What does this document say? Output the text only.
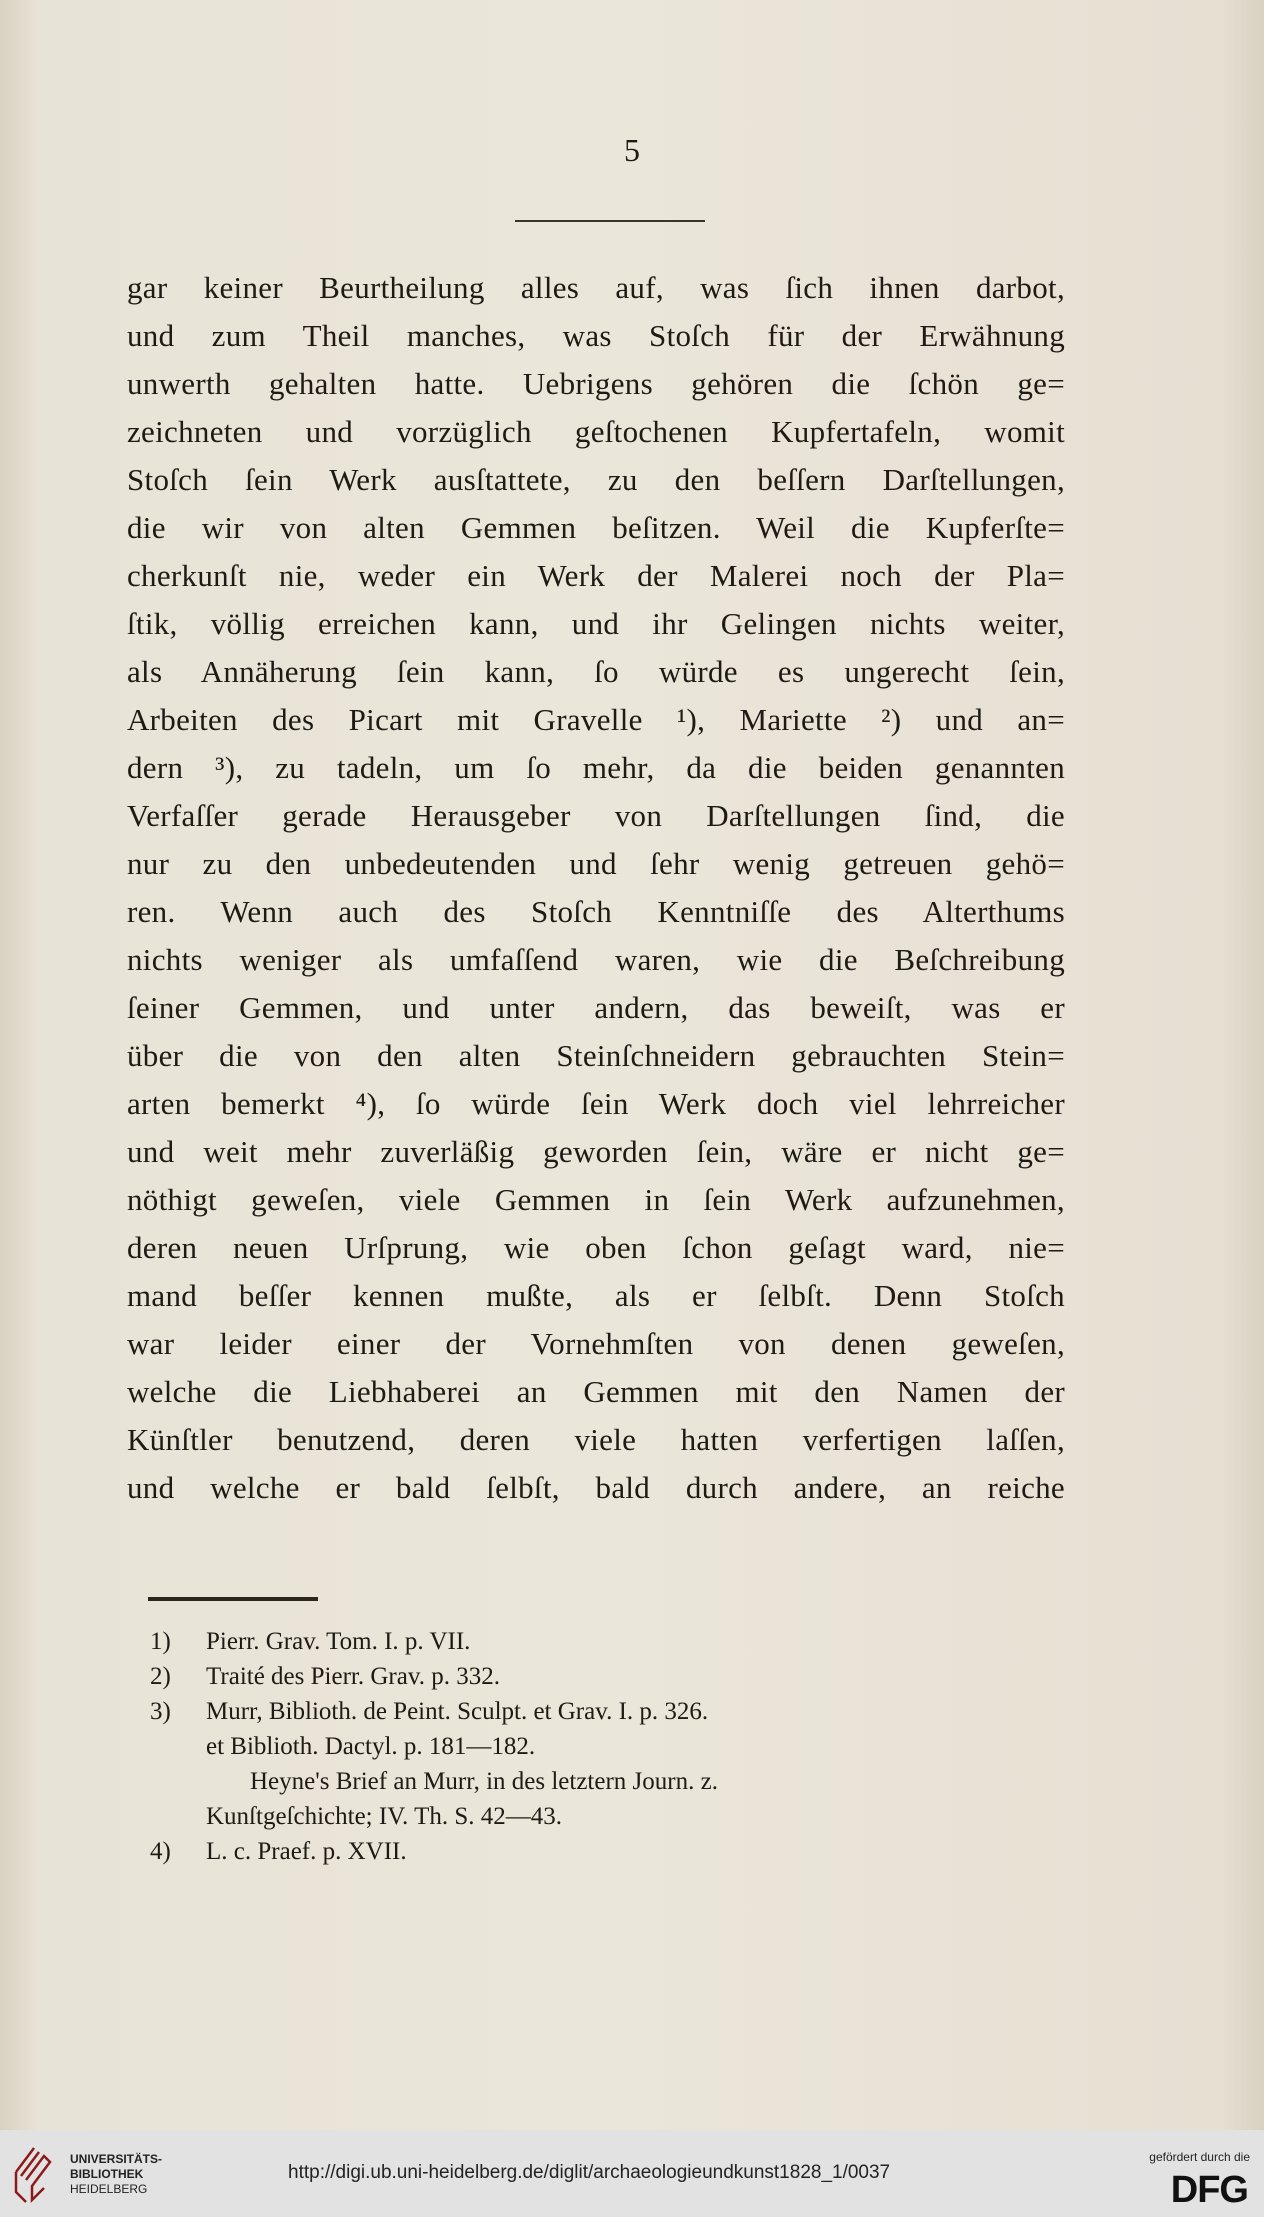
5
gar keiner Beurtheilung alles auf, was ſich ihnen darbot,
und zum Theil manches, was Stoſch für der Erwähnung
unwerth gehalten hatte. Uebrigens gehören die ſchön ge=
zeichneten und vorzüglich geſtochenen Kupfertafeln, womit
Stoſch ſein Werk ausſtattete, zu den beſſern Darſtellungen,
die wir von alten Gemmen beſitzen. Weil die Kupferſte=
cherkunſt nie, weder ein Werk der Malerei noch der Pla=
ſtik, völlig erreichen kann, und ihr Gelingen nichts weiter,
als Annäherung ſein kann, ſo würde es ungerecht ſein,
Arbeiten des Picart mit Gravelle ¹), Mariette ²) und an=
dern ³), zu tadeln, um ſo mehr, da die beiden genannten
Verfaſſer gerade Herausgeber von Darſtellungen ſind, die
nur zu den unbedeutenden und ſehr wenig getreuen gehö=
ren. Wenn auch des Stoſch Kenntniſſe des Alterthums
nichts weniger als umfaſſend waren, wie die Beſchreibung
ſeiner Gemmen, und unter andern, das beweiſt, was er
über die von den alten Steinſchneidern gebrauchten Stein=
arten bemerkt ⁴), ſo würde ſein Werk doch viel lehrreicher
und weit mehr zuverläßig geworden ſein, wäre er nicht ge=
nöthigt geweſen, viele Gemmen in ſein Werk aufzunehmen,
deren neuen Urſprung, wie oben ſchon geſagt ward, nie=
mand beſſer kennen mußte, als er ſelbſt. Denn Stoſch
war leider einer der Vornehmſten von denen geweſen,
welche die Liebhaberei an Gemmen mit den Namen der
Künſtler benutzend, deren viele hatten verfertigen laſſen,
und welche er bald ſelbſt, bald durch andere, an reiche
1) Pierr. Grav. Tom. I. p. VII.
2) Traité des Pierr. Grav. p. 332.
3) Murr, Biblioth. de Peint. Sculpt. et Grav. I. p. 326.
et Biblioth. Dactyl. p. 181—182.
Heyne's Brief an Murr, in des letztern Journ. z.
Kunſtgeſchichte; IV. Th. S. 42—43.
4) L. c. Praef. p. XVII.
UNIVERSITÄTS-
BIBLIOTHEK
HEIDELBERG
http://digi.ub.uni-heidelberg.de/diglit/archaeologieundkunst1828_1/0037
gefördert durch die
DFG
